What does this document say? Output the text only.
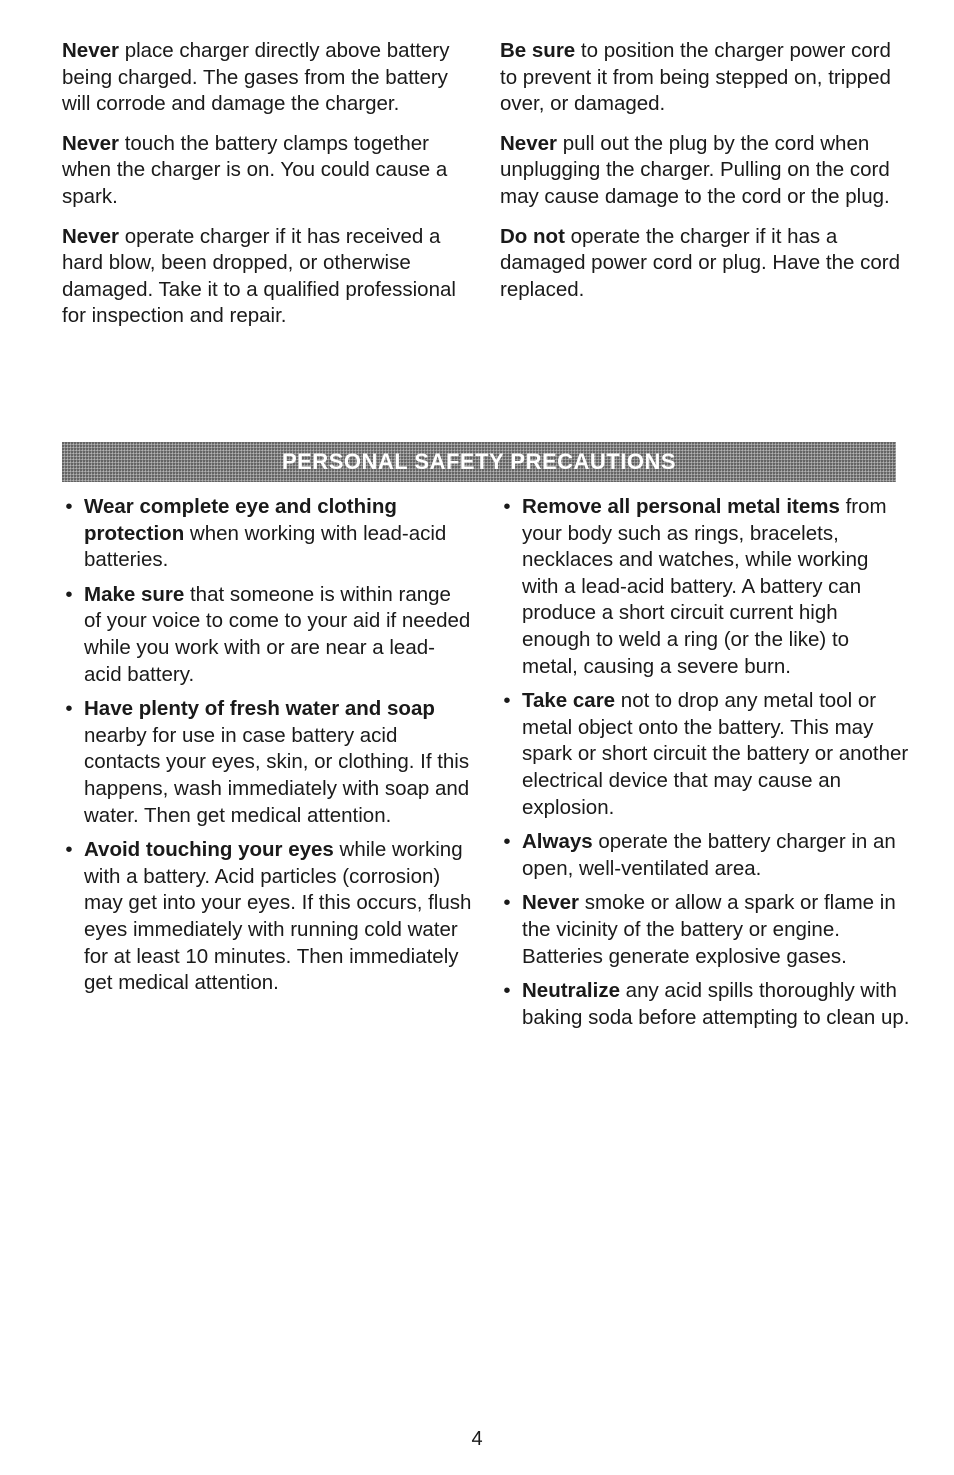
Never place charger directly above battery being charged. The gases from the battery will corrode and damage the charger.

Never touch the battery clamps together when the charger is on. You could cause a spark.

Never operate charger if it has received a hard blow, been dropped, or otherwise damaged. Take it to a qualified professional for inspection and repair.

Be sure to position the charger power cord to prevent it from being stepped on, tripped over, or damaged.

Never pull out the plug by the cord when unplugging the charger. Pulling on the cord may cause damage to the cord or the plug.

Do not operate the charger if it has a damaged power cord or plug. Have the cord replaced.

PERSONAL SAFETY PRECAUTIONS
• Wear complete eye and clothing protection when working with lead-acid batteries.
• Make sure that someone is within range of your voice to come to your aid if needed while you work with or are near a lead-acid battery.
• Have plenty of fresh water and soap nearby for use in case battery acid contacts your eyes, skin, or clothing. If this happens, wash immediately with soap and water. Then get medical attention.
• Avoid touching your eyes while working with a battery. Acid particles (corrosion) may get into your eyes. If this occurs, flush eyes immediately with running cold water for at least 10 minutes. Then immediately get medical attention.
• Remove all personal metal items from your body such as rings, bracelets, necklaces and watches, while working with a lead-acid battery. A battery can produce a short circuit current high enough to weld a ring (or the like) to metal, causing a severe burn.
• Take care not to drop any metal tool or metal object onto the battery. This may spark or short circuit the battery or another electrical device that may cause an explosion.
• Always operate the battery charger in an open, well-ventilated area.
• Never smoke or allow a spark or flame in the vicinity of the battery or engine. Batteries generate explosive gases.
• Neutralize any acid spills thoroughly with baking soda before attempting to clean up.
4
